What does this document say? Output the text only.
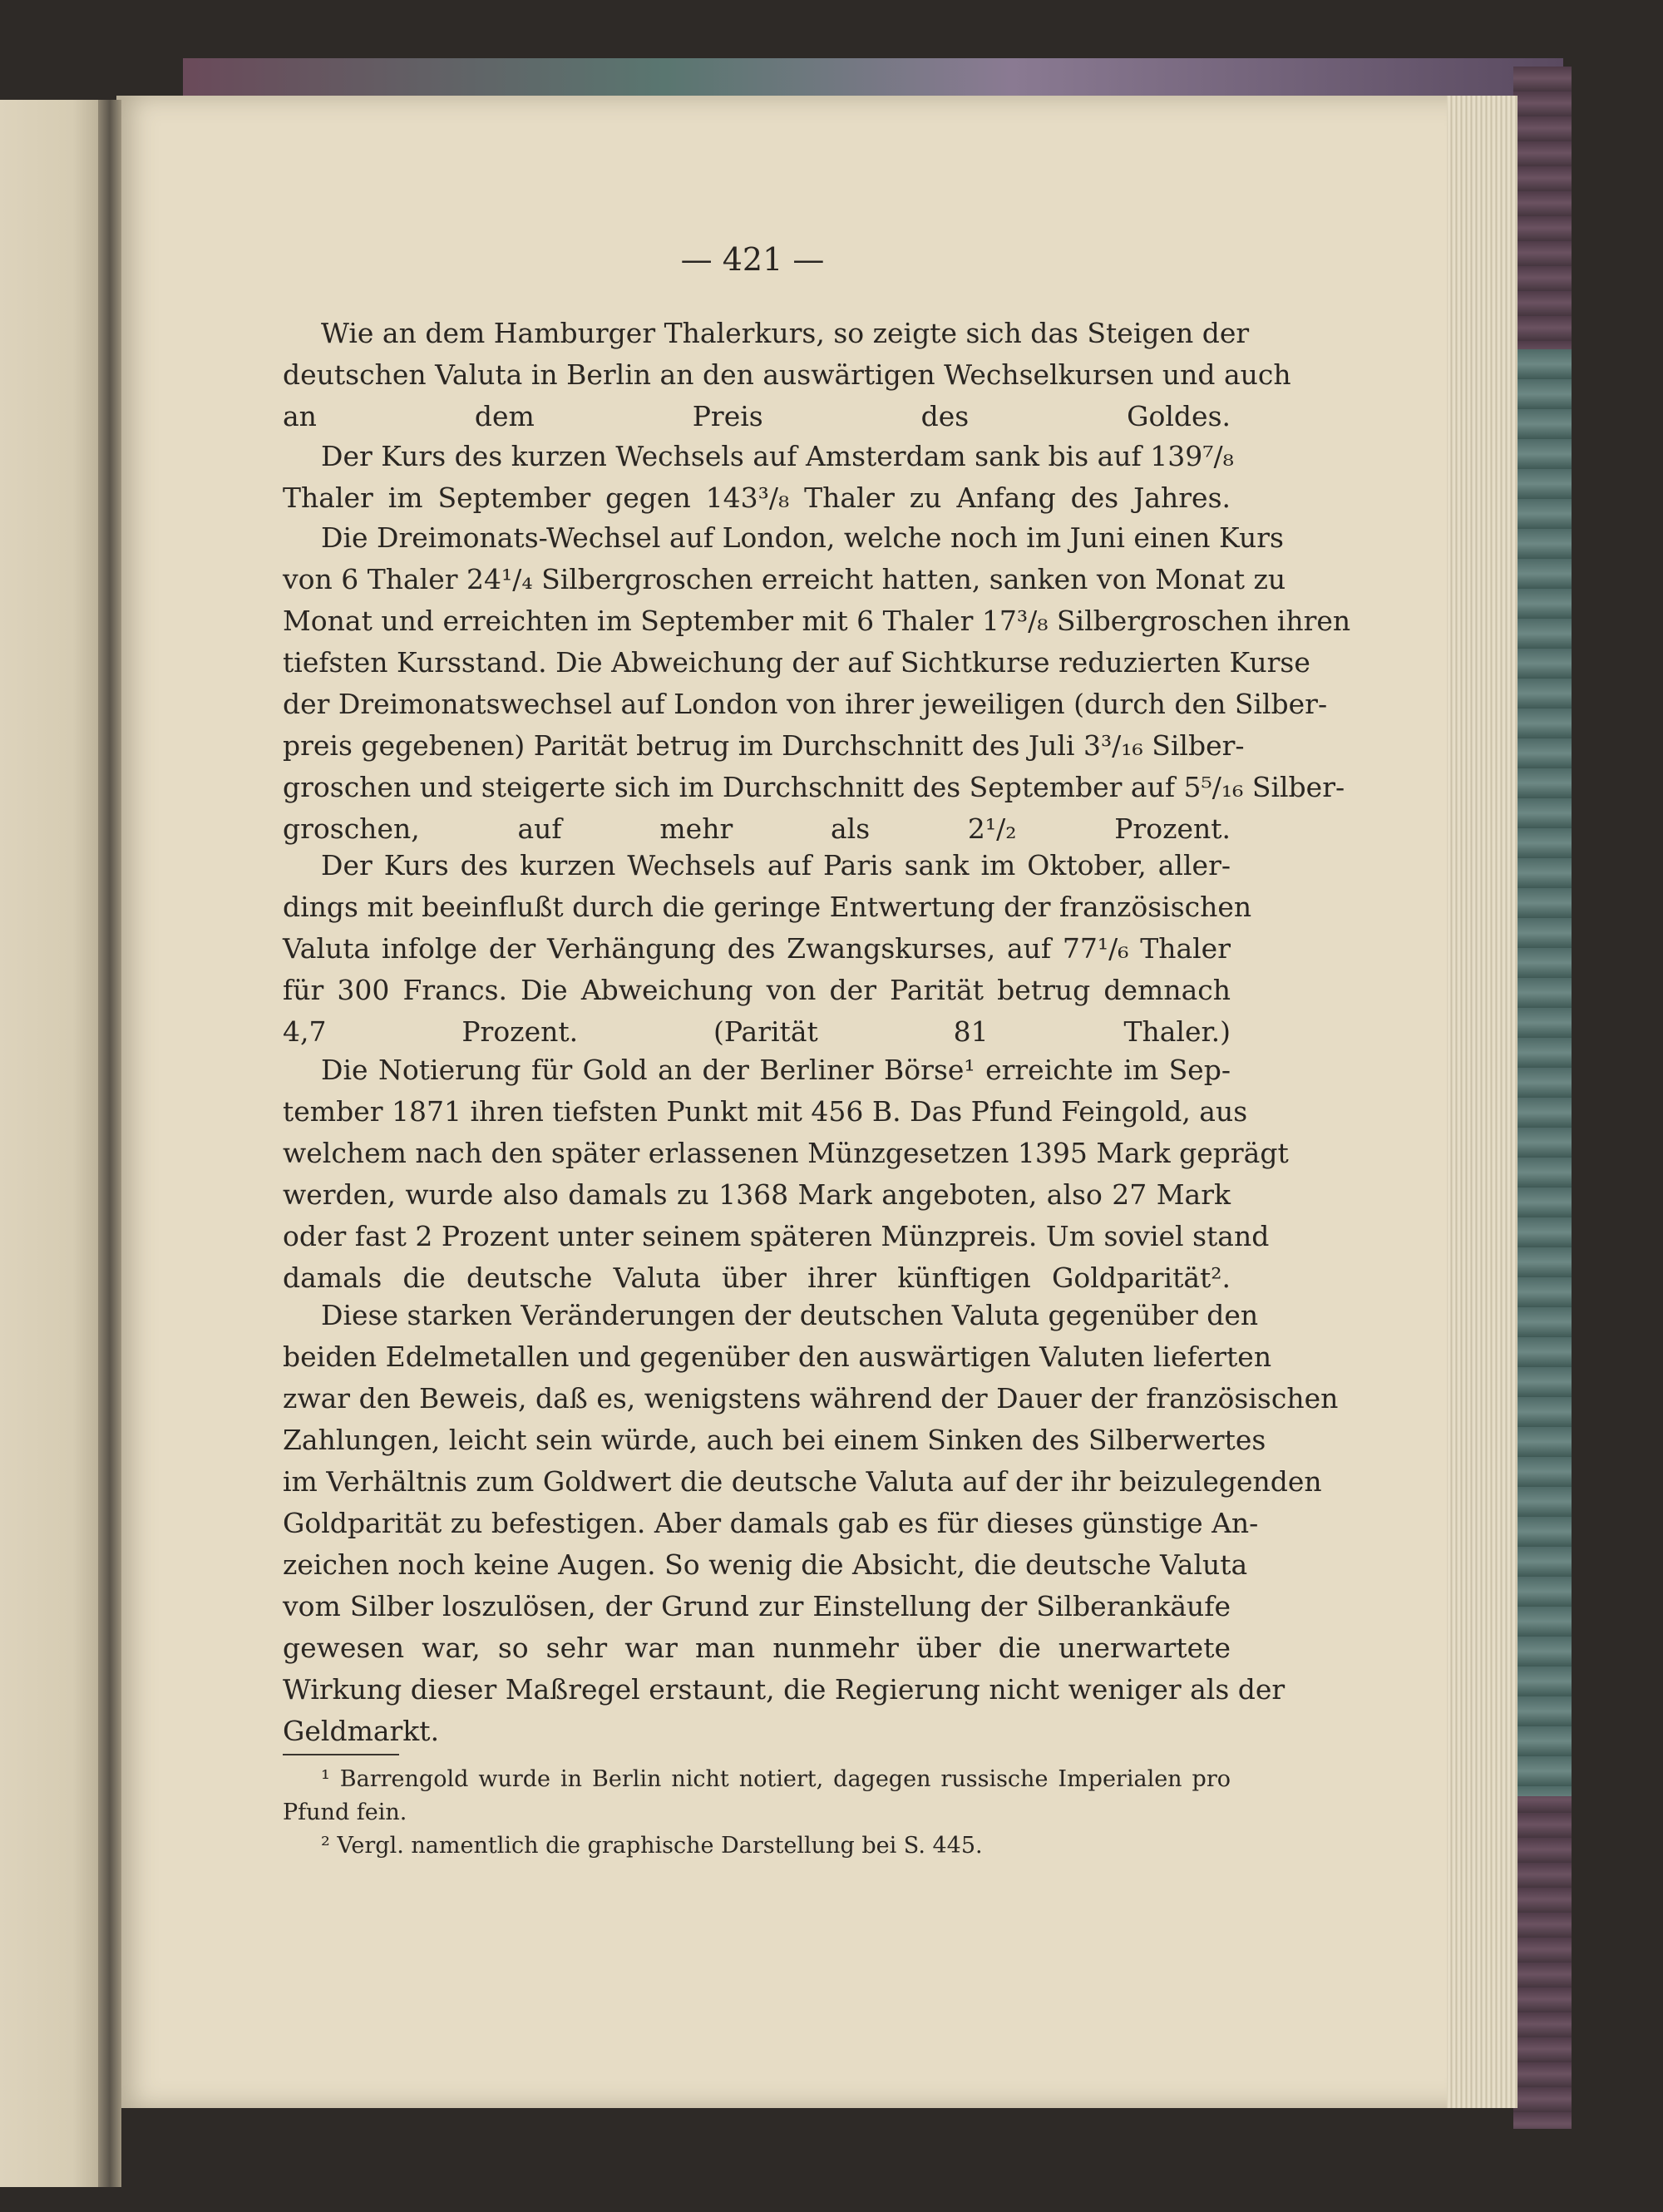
— 421 —
Wie an dem Hamburger Thalerkurs, so zeigte sich das Steigen der
deutschen Valuta in Berlin an den auswärtigen Wechselkursen und auch
an dem Preis des Goldes.
Der Kurs des kurzen Wechsels auf Amsterdam sank bis auf 139⁷/₈
Thaler im September gegen 143³/₈ Thaler zu Anfang des Jahres.
Die Dreimonats-Wechsel auf London, welche noch im Juni einen Kurs
von 6 Thaler 24¹/₄ Silbergroschen erreicht hatten, sanken von Monat zu
Monat und erreichten im September mit 6 Thaler 17³/₈ Silbergroschen ihren
tiefsten Kursstand. Die Abweichung der auf Sichtkurse reduzierten Kurse
der Dreimonatswechsel auf London von ihrer jeweiligen (durch den Silber-
preis gegebenen) Parität betrug im Durchschnitt des Juli 3³/₁₆ Silber-
groschen und steigerte sich im Durchschnitt des September auf 5⁵/₁₆ Silber-
groschen, auf mehr als 2¹/₂ Prozent.
Der Kurs des kurzen Wechsels auf Paris sank im Oktober, aller-
dings mit beeinflußt durch die geringe Entwertung der französischen
Valuta infolge der Verhängung des Zwangskurses, auf 77¹/₆ Thaler
für 300 Francs. Die Abweichung von der Parität betrug demnach
4,7 Prozent. (Parität 81 Thaler.)
Die Notierung für Gold an der Berliner Börse¹ erreichte im Sep-
tember 1871 ihren tiefsten Punkt mit 456 B. Das Pfund Feingold, aus
welchem nach den später erlassenen Münzgesetzen 1395 Mark geprägt
werden, wurde also damals zu 1368 Mark angeboten, also 27 Mark
oder fast 2 Prozent unter seinem späteren Münzpreis. Um soviel stand
damals die deutsche Valuta über ihrer künftigen Goldparität².
Diese starken Veränderungen der deutschen Valuta gegenüber den
beiden Edelmetallen und gegenüber den auswärtigen Valuten lieferten
zwar den Beweis, daß es, wenigstens während der Dauer der französischen
Zahlungen, leicht sein würde, auch bei einem Sinken des Silberwertes
im Verhältnis zum Goldwert die deutsche Valuta auf der ihr beizulegenden
Goldparität zu befestigen. Aber damals gab es für dieses günstige An-
zeichen noch keine Augen. So wenig die Absicht, die deutsche Valuta
vom Silber loszulösen, der Grund zur Einstellung der Silberankäufe
gewesen war, so sehr war man nunmehr über die unerwartete
Wirkung dieser Maßregel erstaunt, die Regierung nicht weniger als der
Geldmarkt.
¹ Barrengold wurde in Berlin nicht notiert, dagegen russische Imperialen pro
Pfund fein.
² Vergl. namentlich die graphische Darstellung bei S. 445.
